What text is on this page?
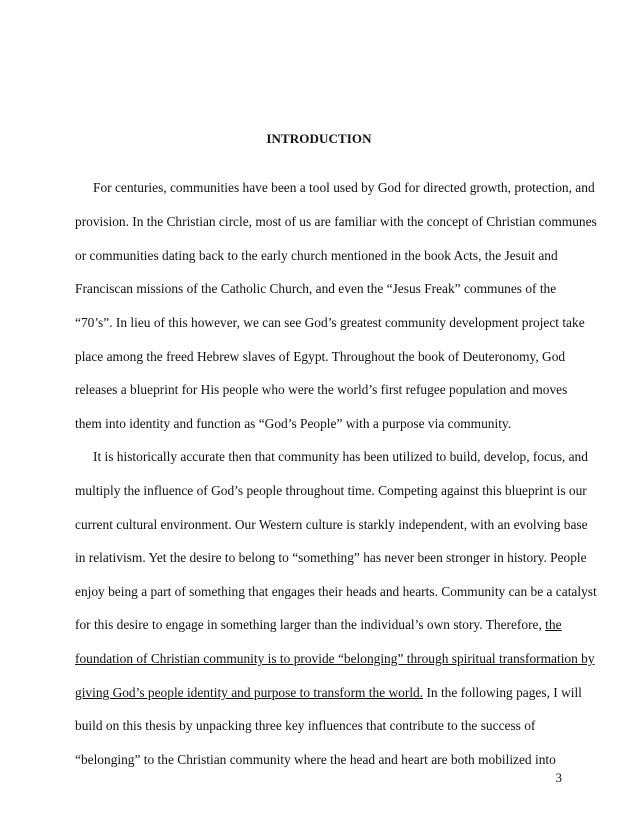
INTRODUCTION
For centuries, communities have been a tool used by God for directed growth, protection, and
provision. In the Christian circle, most of us are familiar with the concept of Christian communes
or communities dating back to the early church mentioned in the book Acts, the Jesuit and
Franciscan missions of the Catholic Church, and even the “Jesus Freak” communes of the
“70’s”. In lieu of this however, we can see God’s greatest community development project take
place among the freed Hebrew slaves of Egypt. Throughout the book of Deuteronomy, God
releases a blueprint for His people who were the world’s first refugee population and moves
them into identity and function as “God’s People” with a purpose via community.
It is historically accurate then that community has been utilized to build, develop, focus, and
multiply the influence of God’s people throughout time. Competing against this blueprint is our
current cultural environment. Our Western culture is starkly independent, with an evolving base
in relativism. Yet the desire to belong to “something” has never been stronger in history. People
enjoy being a part of something that engages their heads and hearts. Community can be a catalyst
for this desire to engage in something larger than the individual’s own story. Therefore, the
foundation of Christian community is to provide “belonging” through spiritual transformation by
giving God’s people identity and purpose to transform the world. In the following pages, I will
build on this thesis by unpacking three key influences that contribute to the success of
“belonging” to the Christian community where the head and heart are both mobilized into
3
